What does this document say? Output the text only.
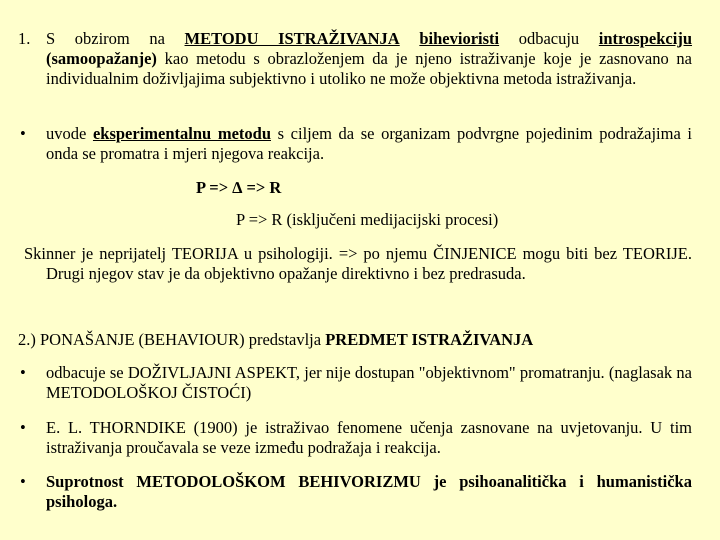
1. S obzirom na METODU ISTRAŽIVANJA bihevioristi odbacuju introspekciju (samoopažanje) kao metodu s obrazloženjem da je njeno istraživanje koje je zasnovano na individualnim doživljajima subjektivno i utoliko ne može objektivna metoda istraživanja.
• uvode eksperimentalnu metodu s ciljem da se organizam podvrgne pojedinim podražajima i onda se promatra i mjeri njegova reakcija.
P => ∆ => R
P => R (isključeni medijacijski procesi)
Skinner je neprijatelj TEORIJA u psihologiji. => po njemu ČINJENICE mogu biti bez TEORIJE. Drugi njegov stav je da objektivno opažanje direktivno i bez predrasuda.
2.) PONAŠANJE (BEHAVIOUR) predstavlja PREDMET ISTRAŽIVANJA
• odbacuje se DOŽIVLJAJNI ASPEKT, jer nije dostupan "objektivnom" promatranju. (naglasak na METODOLOŠKOJ ČISTOĆI)
• E. L. THORNDIKE (1900) je istraživao fenomene učenja zasnovane na uvjetovanju. U tim istraživanja proučavala se veze između podražaja i reakcija.
• Suprotnost METODOLOŠKOM BEHIVORIZMU je psihoanalitička i humanistička psihologa.
